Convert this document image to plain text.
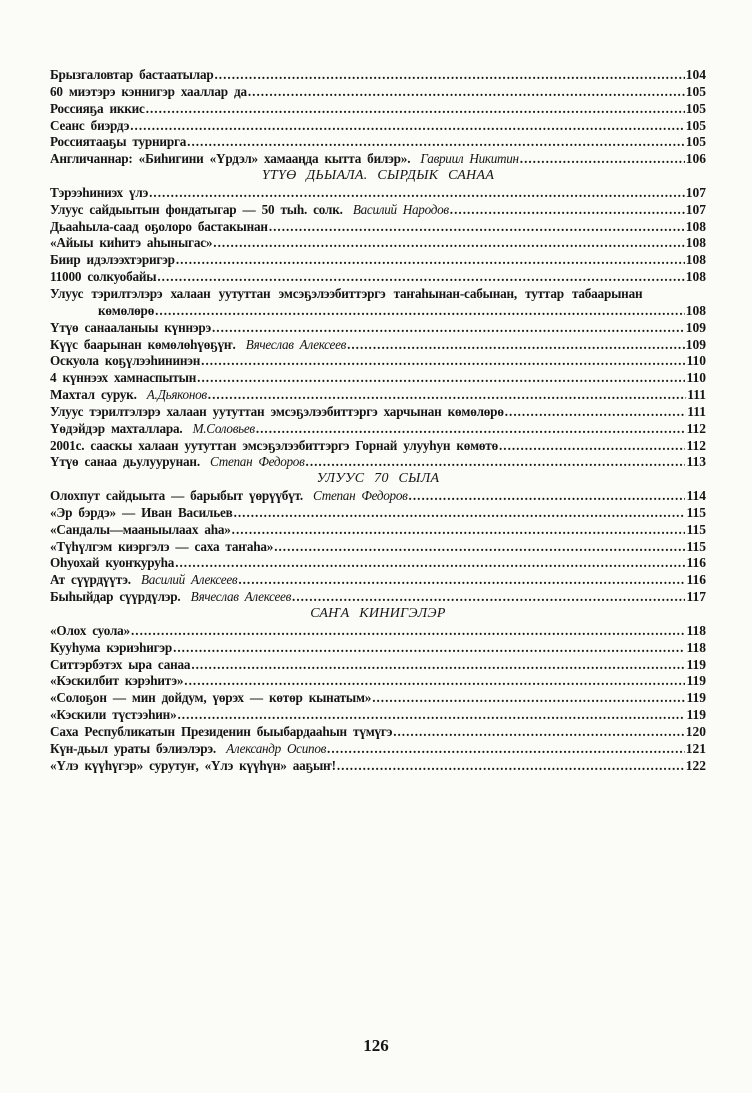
Брызгаловтар бастаатылар .....	104
60 миэтэрэ кэннигэр хааллар да .....	105
Россияҕа иккис .....	105
Сеанс биэрдэ .....	105
Россиятааҕы турнирга .....	105
Англичаннар: «Биһигини «Үрдэл» хамааңда кытта билэр». Гавриил Никитин .....	106
ҮТҮӨ ДЬЫАЛА. СЫРДЫК САНАА
Тэрээһиниэх үлэ .....	107
Улуус сайдыытын фондатыгар — 50 тыһ. солк. Василий Народов .....	107
Дьааһыла-саад оҕолоро бастакынан .....	108
«Айыы киһитэ аһыныгас» .....	108
Биир идэлээхтэригэр .....	108
11000 солкуобайы .....	108
Улуус тэрилтэлэрэ халаан уутуттан эмсэҕэлээбиттэргэ таҥаһынан-сабынан, туттар табаарынан
көмөлөрө .....	108
Үтүө санааланыы күннэрэ .....	109
Күүс баарынан көмөлөһүөҕүҥ. Вячеслав Алексеев .....	109
Оскуола коҕүлээһининэн .....	110
4 күннээх хамнаспытын .....	110
Махтал сурук. А.Дьяконов .....	111
Улуус тэрилтэлэрэ халаан уутуттан эмсэҕэлээбиттэргэ харчынан көмөлөрө .....	111
Үөдэйдэр махталлара. М.Соловьев .....	112
2001с. сааскы халаан уутуттан эмсэҕэлээбиттэргэ Горнай улууһун көмөтө .....	112
Үтүө санаа дьулуурунан. Степан Федоров .....	113
УЛУУС 70 СЫЛА
Олохпут сайдыыта — барыбыт үөрүүбүт. Степан Федоров .....	114
«Эр бэрдэ» — Иван Васильев .....	115
«Сандалы—мааныылаах аһа» .....	115
«Түһүлгэм киэргэлэ — саха таҥаһа» .....	115
Оһуохай куоҥкуруһа .....	116
Ат сүүрдүүтэ. Василий Алексеев .....	116
Быһыйдар сүүрдүлэр. Вячеслав Алексеев .....	117
САҤА КИНИГЭЛЭР
«Олох суола» .....	118
Кууһума кэриэһигэр .....	118
Ситтэрбэтэх ыра санаа .....	119
«Кэскилбит кэрэһитэ» .....	119
«Солоҕон — мин дойдум, үөрэх — көтөр кынатым» .....	119
«Кэскили түстээһин» .....	119
Саха Республикатын Президенин быыбардааһын түмүгэ .....	120
Күн-дьыл ураты бэлиэлэрэ. Александр Осипов .....	121
«Үлэ күүһүгэр» сурутуҥ, «Үлэ күүһүн» ааҕыҥ! .....	122
126
